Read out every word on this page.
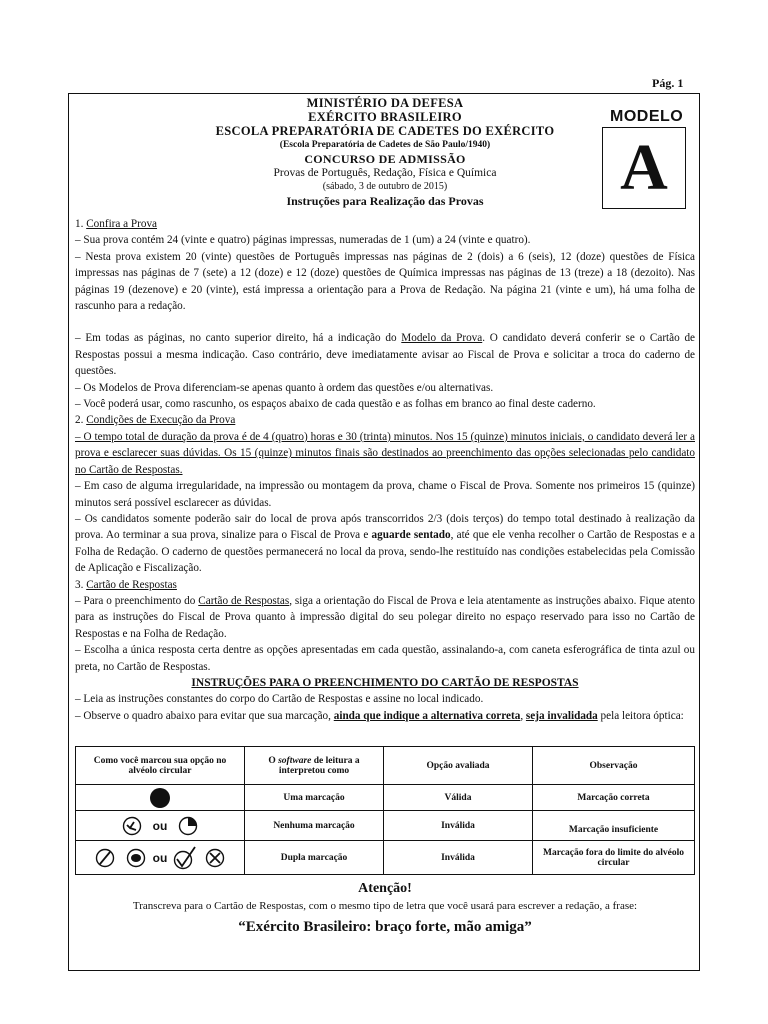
Pág. 1
MINISTÉRIO DA DEFESA
EXÉRCITO BRASILEIRO
ESCOLA PREPARATÓRIA DE CADETES DO EXÉRCITO
(Escola Preparatória de Cadetes de São Paulo/1940)
CONCURSO DE ADMISSÃO
Provas de Português, Redação, Física e Química
(sábado, 3 de outubro de 2015)
Instruções para Realização das Provas
MODELO
A

1. Confira a Prova

– Sua prova contém 24 (vinte e quatro) páginas impressas, numeradas de 1 (um) a 24 (vinte e quatro).

– Nesta prova existem 20 (vinte) questões de Português impressas nas páginas de 2 (dois) a 6 (seis), 12 (doze) questões de Física impressas nas páginas de 7 (sete) a 12 (doze) e 12 (doze) questões de Química impressas nas páginas de 13 (treze) a 18 (dezoito). Nas páginas 19 (dezenove) e 20 (vinte), está impressa a orientação para a Prova de Redação. Na página 21 (vinte e um), há uma folha de rascunho para a redação.

– Em todas as páginas, no canto superior direito, há a indicação do Modelo da Prova. O candidato deverá conferir se o Cartão de Respostas possui a mesma indicação. Caso contrário, deve imediatamente avisar ao Fiscal de Prova e solicitar a troca do caderno de questões.

– Os Modelos de Prova diferenciam-se apenas quanto à ordem das questões e/ou alternativas.

– Você poderá usar, como rascunho, os espaços abaixo de cada questão e as folhas em branco ao final deste caderno.

2. Condições de Execução da Prova

– O tempo total de duração da prova é de 4 (quatro) horas e 30 (trinta) minutos. Nos 15 (quinze) minutos iniciais, o candidato deverá ler a prova e esclarecer suas dúvidas. Os 15 (quinze) minutos finais são destinados ao preenchimento das opções selecionadas pelo candidato no Cartão de Respostas.

– Em caso de alguma irregularidade, na impressão ou montagem da prova, chame o Fiscal de Prova. Somente nos primeiros 15 (quinze) minutos será possível esclarecer as dúvidas.

– Os candidatos somente poderão sair do local de prova após transcorridos 2/3 (dois terços) do tempo total destinado à realização da prova. Ao terminar a sua prova, sinalize para o Fiscal de Prova e aguarde sentado, até que ele venha recolher o Cartão de Respostas e a Folha de Redação. O caderno de questões permanecerá no local da prova, sendo-lhe restituído nas condições estabelecidas pela Comissão de Aplicação e Fiscalização.

3. Cartão de Respostas

– Para o preenchimento do Cartão de Respostas, siga a orientação do Fiscal de Prova e leia atentamente as instruções abaixo. Fique atento para as instruções do Fiscal de Prova quanto à impressão digital do seu polegar direito no espaço reservado para isso no Cartão de Respostas e na Folha de Redação.

– Escolha a única resposta certa dentre as opções apresentadas em cada questão, assinalando-a, com caneta esferográfica de tinta azul ou preta, no Cartão de Respostas.

INSTRUÇÕES PARA O PREENCHIMENTO DO CARTÃO DE RESPOSTAS

– Leia as instruções constantes do corpo do Cartão de Respostas e assine no local indicado.

– Observe o quadro abaixo para evitar que sua marcação, ainda que indique a alternativa correta, seja invalidada pela leitora óptica:

Como você marcou sua opção no alvéolo circular	O software de leitura a interpretou como	Opção avaliada	Observação
	Uma marcação	Válida	Marcação correta
ou	Nenhuma marcação	Inválida	Marcação insuficiente
ou	Dupla marcação	Inválida	Marcação fora do limite do alvéolo circular
Atenção!
Transcreva para o Cartão de Respostas, com o mesmo tipo de letra que você usará para escrever a redação, a frase:
“Exército Brasileiro: braço forte, mão amiga”
